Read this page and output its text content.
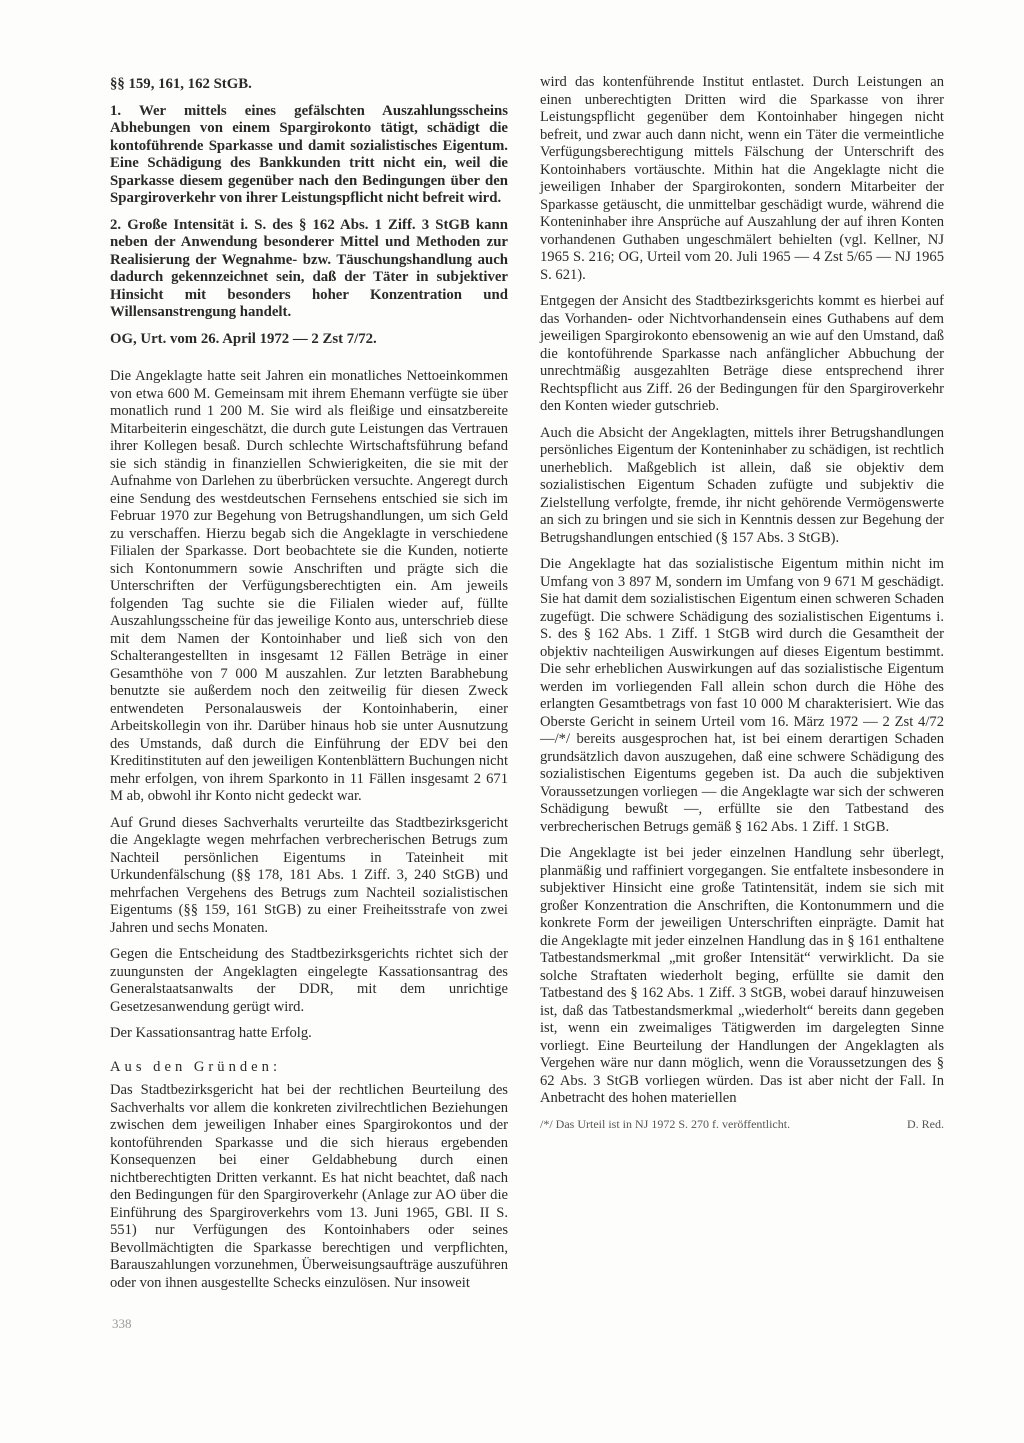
§§ 159, 161, 162 StGB.

1. Wer mittels eines gefälschten Auszahlungsscheins Abhebungen von einem Spargirokonto tätigt, schädigt die kontoführende Sparkasse und damit sozialistisches Eigentum. Eine Schädigung des Bankkunden tritt nicht ein, weil die Sparkasse diesem gegenüber nach den Bedingungen über den Spargiroverkehr von ihrer Leistungspflicht nicht befreit wird.

2. Große Intensität i. S. des § 162 Abs. 1 Ziff. 3 StGB kann neben der Anwendung besonderer Mittel und Methoden zur Realisierung der Wegnahme- bzw. Täuschungshandlung auch dadurch gekennzeichnet sein, daß der Täter in subjektiver Hinsicht mit besonders hoher Konzentration und Willensanstrengung handelt.

OG, Urt. vom 26. April 1972 — 2 Zst 7/72.

Die Angeklagte hatte seit Jahren ein monatliches Nettoeinkommen von etwa 600 M. Gemeinsam mit ihrem Ehemann verfügte sie über monatlich rund 1 200 M. Sie wird als fleißige und einsatzbereite Mitarbeiterin eingeschätzt, die durch gute Leistungen das Vertrauen ihrer Kollegen besaß. Durch schlechte Wirtschaftsführung befand sie sich ständig in finanziellen Schwierigkeiten, die sie mit der Aufnahme von Darlehen zu überbrücken versuchte. Angeregt durch eine Sendung des westdeutschen Fernsehens entschied sie sich im Februar 1970 zur Begehung von Betrugshandlungen, um sich Geld zu verschaffen. Hierzu begab sich die Angeklagte in verschiedene Filialen der Sparkasse. Dort beobachtete sie die Kunden, notierte sich Kontonummern sowie Anschriften und prägte sich die Unterschriften der Verfügungsberechtigten ein. Am jeweils folgenden Tag suchte sie die Filialen wieder auf, füllte Auszahlungsscheine für das jeweilige Konto aus, unterschrieb diese mit dem Namen der Kontoinhaber und ließ sich von den Schalterangestellten in insgesamt 12 Fällen Beträge in einer Gesamthöhe von 7 000 M auszahlen. Zur letzten Barabhebung benutzte sie außerdem noch den zeitweilig für diesen Zweck entwendeten Personalausweis der Kontoinhaberin, einer Arbeitskollegin von ihr. Darüber hinaus hob sie unter Ausnutzung des Umstands, daß durch die Einführung der EDV bei den Kreditinstituten auf den jeweiligen Kontenblättern Buchungen nicht mehr erfolgen, von ihrem Sparkonto in 11 Fällen insgesamt 2 671 M ab, obwohl ihr Konto nicht gedeckt war.

Auf Grund dieses Sachverhalts verurteilte das Stadtbezirksgericht die Angeklagte wegen mehrfachen verbrecherischen Betrugs zum Nachteil persönlichen Eigentums in Tateinheit mit Urkundenfälschung (§§ 178, 181 Abs. 1 Ziff. 3, 240 StGB) und mehrfachen Vergehens des Betrugs zum Nachteil sozialistischen Eigentums (§§ 159, 161 StGB) zu einer Freiheitsstrafe von zwei Jahren und sechs Monaten.

Gegen die Entscheidung des Stadtbezirksgerichts richtet sich der zuungunsten der Angeklagten eingelegte Kassationsantrag des Generalstaatsanwalts der DDR, mit dem unrichtige Gesetzesanwendung gerügt wird.

Der Kassationsantrag hatte Erfolg.

Aus den Gründen:

Das Stadtbezirksgericht hat bei der rechtlichen Beurteilung des Sachverhalts vor allem die konkreten zivilrechtlichen Beziehungen zwischen dem jeweiligen Inhaber eines Spargirokontos und der kontoführenden Sparkasse und die sich hieraus ergebenden Konsequenzen bei einer Geldabhebung durch einen nichtberechtigten Dritten verkannt. Es hat nicht beachtet, daß nach den Bedingungen für den Spargiroverkehr (Anlage zur AO über die Einführung des Spargiroverkehrs vom 13. Juni 1965, GBl. II S. 551) nur Verfügungen des Kontoinhabers oder seines Bevollmächtigten die Sparkasse berechtigen und verpflichten, Barauszahlungen vorzunehmen, Überweisungsaufträge auszuführen oder von ihnen ausgestellte Schecks einzulösen. Nur insoweit

338

wird das kontenführende Institut entlastet. Durch Leistungen an einen unberechtigten Dritten wird die Sparkasse von ihrer Leistungspflicht gegenüber dem Kontoinhaber hingegen nicht befreit, und zwar auch dann nicht, wenn ein Täter die vermeintliche Verfügungsberechtigung mittels Fälschung der Unterschrift des Kontoinhabers vortäuschte. Mithin hat die Angeklagte nicht die jeweiligen Inhaber der Spargirokonten, sondern Mitarbeiter der Sparkasse getäuscht, die unmittelbar geschädigt wurde, während die Konteninhaber ihre Ansprüche auf Auszahlung der auf ihren Konten vorhandenen Guthaben ungeschmälert behielten (vgl. Kellner, NJ 1965 S. 216; OG, Urteil vom 20. Juli 1965 — 4 Zst 5/65 — NJ 1965 S. 621).

Entgegen der Ansicht des Stadtbezirksgerichts kommt es hierbei auf das Vorhanden- oder Nichtvorhandensein eines Guthabens auf dem jeweiligen Spargirokonto ebensowenig an wie auf den Umstand, daß die kontoführende Sparkasse nach anfänglicher Abbuchung der unrechtmäßig ausgezahlten Beträge diese entsprechend ihrer Rechtspflicht aus Ziff. 26 der Bedingungen für den Spargiroverkehr den Konten wieder gutschrieb.

Auch die Absicht der Angeklagten, mittels ihrer Betrugshandlungen persönliches Eigentum der Konteninhaber zu schädigen, ist rechtlich unerheblich. Maßgeblich ist allein, daß sie objektiv dem sozialistischen Eigentum Schaden zufügte und subjektiv die Zielstellung verfolgte, fremde, ihr nicht gehörende Vermögenswerte an sich zu bringen und sie sich in Kenntnis dessen zur Begehung der Betrugshandlungen entschied (§ 157 Abs. 3 StGB).

Die Angeklagte hat das sozialistische Eigentum mithin nicht im Umfang von 3 897 M, sondern im Umfang von 9 671 M geschädigt. Sie hat damit dem sozialistischen Eigentum einen schweren Schaden zugefügt. Die schwere Schädigung des sozialistischen Eigentums i. S. des § 162 Abs. 1 Ziff. 1 StGB wird durch die Gesamtheit der objektiv nachteiligen Auswirkungen auf dieses Eigentum bestimmt. Die sehr erheblichen Auswirkungen auf das sozialistische Eigentum werden im vorliegenden Fall allein schon durch die Höhe des erlangten Gesamtbetrags von fast 10 000 M charakterisiert. Wie das Oberste Gericht in seinem Urteil vom 16. März 1972 — 2 Zst 4/72 —/*/ bereits ausgesprochen hat, ist bei einem derartigen Schaden grundsätzlich davon auszugehen, daß eine schwere Schädigung des sozialistischen Eigentums gegeben ist. Da auch die subjektiven Voraussetzungen vorliegen — die Angeklagte war sich der schweren Schädigung bewußt —, erfüllte sie den Tatbestand des verbrecherischen Betrugs gemäß § 162 Abs. 1 Ziff. 1 StGB.

Die Angeklagte ist bei jeder einzelnen Handlung sehr überlegt, planmäßig und raffiniert vorgegangen. Sie entfaltete insbesondere in subjektiver Hinsicht eine große Tatintensität, indem sie sich mit großer Konzentration die Anschriften, die Kontonummern und die konkrete Form der jeweiligen Unterschriften einprägte. Damit hat die Angeklagte mit jeder einzelnen Handlung das in § 161 enthaltene Tatbestandsmerkmal „mit großer Intensität“ verwirklicht. Da sie solche Straftaten wiederholt beging, erfüllte sie damit den Tatbestand des § 162 Abs. 1 Ziff. 3 StGB, wobei darauf hinzuweisen ist, daß das Tatbestandsmerkmal „wiederholt“ bereits dann gegeben ist, wenn ein zweimaliges Tätigwerden im dargelegten Sinne vorliegt. Eine Beurteilung der Handlungen der Angeklagten als Vergehen wäre nur dann möglich, wenn die Voraussetzungen des § 62 Abs. 3 StGB vorliegen würden. Das ist aber nicht der Fall. In Anbetracht des hohen materiellen

/*/ Das Urteil ist in NJ 1972 S. 270 f. veröffentlicht.	D. Red.
